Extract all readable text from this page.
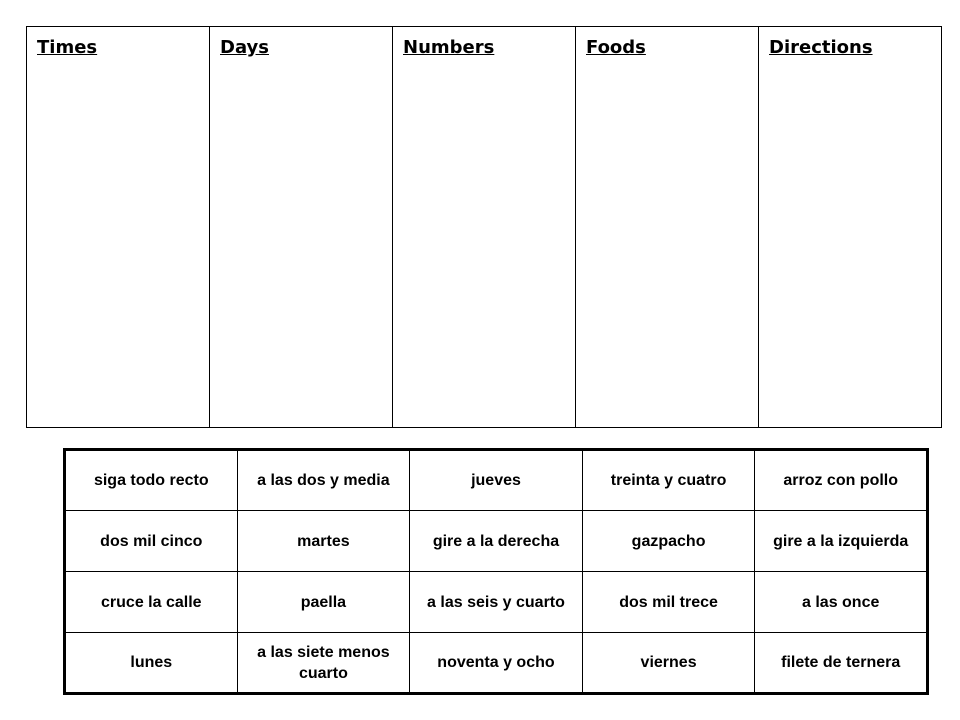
Times	Days	Numbers	Foods	Directions
siga todo recto	a las dos y media	jueves	treinta y cuatro	arroz con pollo
dos mil cinco	martes	gire a la derecha	gazpacho	gire a la izquierda
cruce la calle	paella	a las seis y cuarto	dos mil trece	a las once
lunes	a las siete menos cuarto	noventa y ocho	viernes	filete de ternera
